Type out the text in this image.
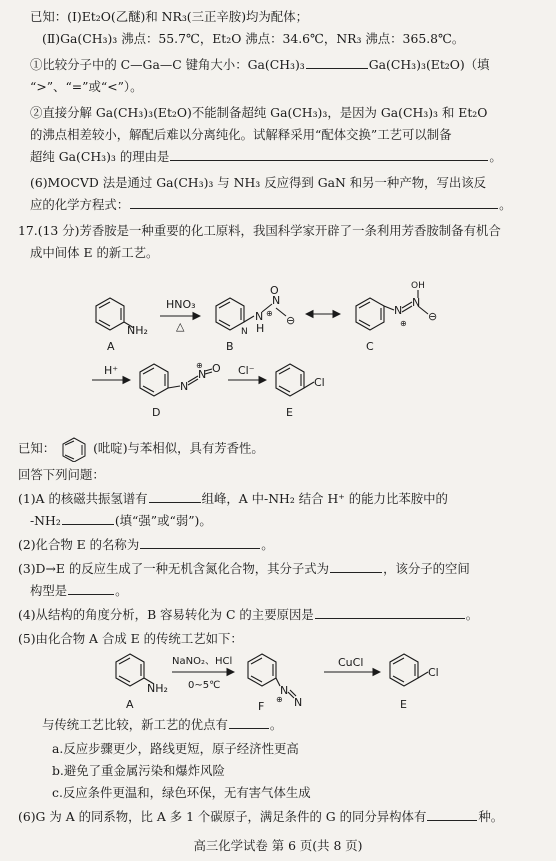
已知：(Ⅰ)Et₂O(乙醚)和 NR₃(三正辛胺)均为配体；
(Ⅱ)Ga(CH₃)₃ 沸点：55.7℃，Et₂O 沸点：34.6℃，NR₃ 沸点：365.8℃。
①比较分子中的 C—Ga—C 键角大小：Ga(CH₃)₃	Ga(CH₃)₃(Et₂O)（填
“>”、“=”或“<”）。
②直接分解 Ga(CH₃)₃(Et₂O)不能制备超纯 Ga(CH₃)₃，是因为 Ga(CH₃)₃ 和 Et₂O
的沸点相差较小，解配后难以分离纯化。试解释采用“配体交换”工艺可以制备
超纯 Ga(CH₃)₃ 的理由是	。
(6)MOCVD 法是通过 Ga(CH₃)₃ 与 NH₃ 反应得到 GaN 和另一种产物，写出该反
应的化学方程式：	。
17.(13 分)芳香胺是一种重要的化工原料，我国科学家开辟了一条利用芳香胺制备有机合
成中间体 E 的新工艺。
NH₂
A
HNO₃
△	N
N
H
N
O
⊖
⊕
B
N
N
OH
⊖
⊕
C
H⁺
N
N O
⊕
D
Cl⁻
Cl
E
已知：	(吡啶)与苯相似，具有芳香性。
回答下列问题：
(1)A 的核磁共振氢谱有	组峰，A 中-NH₂ 结合 H⁺ 的能力比苯胺中的
-NH₂	(填“强”或“弱”)。
(2)化合物 E 的名称为	。
(3)D→E 的反应生成了一种无机含氮化合物，其分子式为	，该分子的空间
构型是	。
(4)从结构的角度分析，B 容易转化为 C 的主要原因是	。
(5)由化合物 A 合成 E 的传统工艺如下：
NH₂
A
NaNO₂、HCl
0~5℃	N
N
⊕
F
CuCl
Cl
E
与传统工艺比较，新工艺的优点有	。
a.反应步骤更少，路线更短，原子经济性更高
b.避免了重金属污染和爆炸风险
c.反应条件更温和，绿色环保，无有害气体生成
(6)G 为 A 的同系物，比 A 多 1 个碳原子，满足条件的 G 的同分异构体有	种。
高三化学试卷 第 6 页(共 8 页)
